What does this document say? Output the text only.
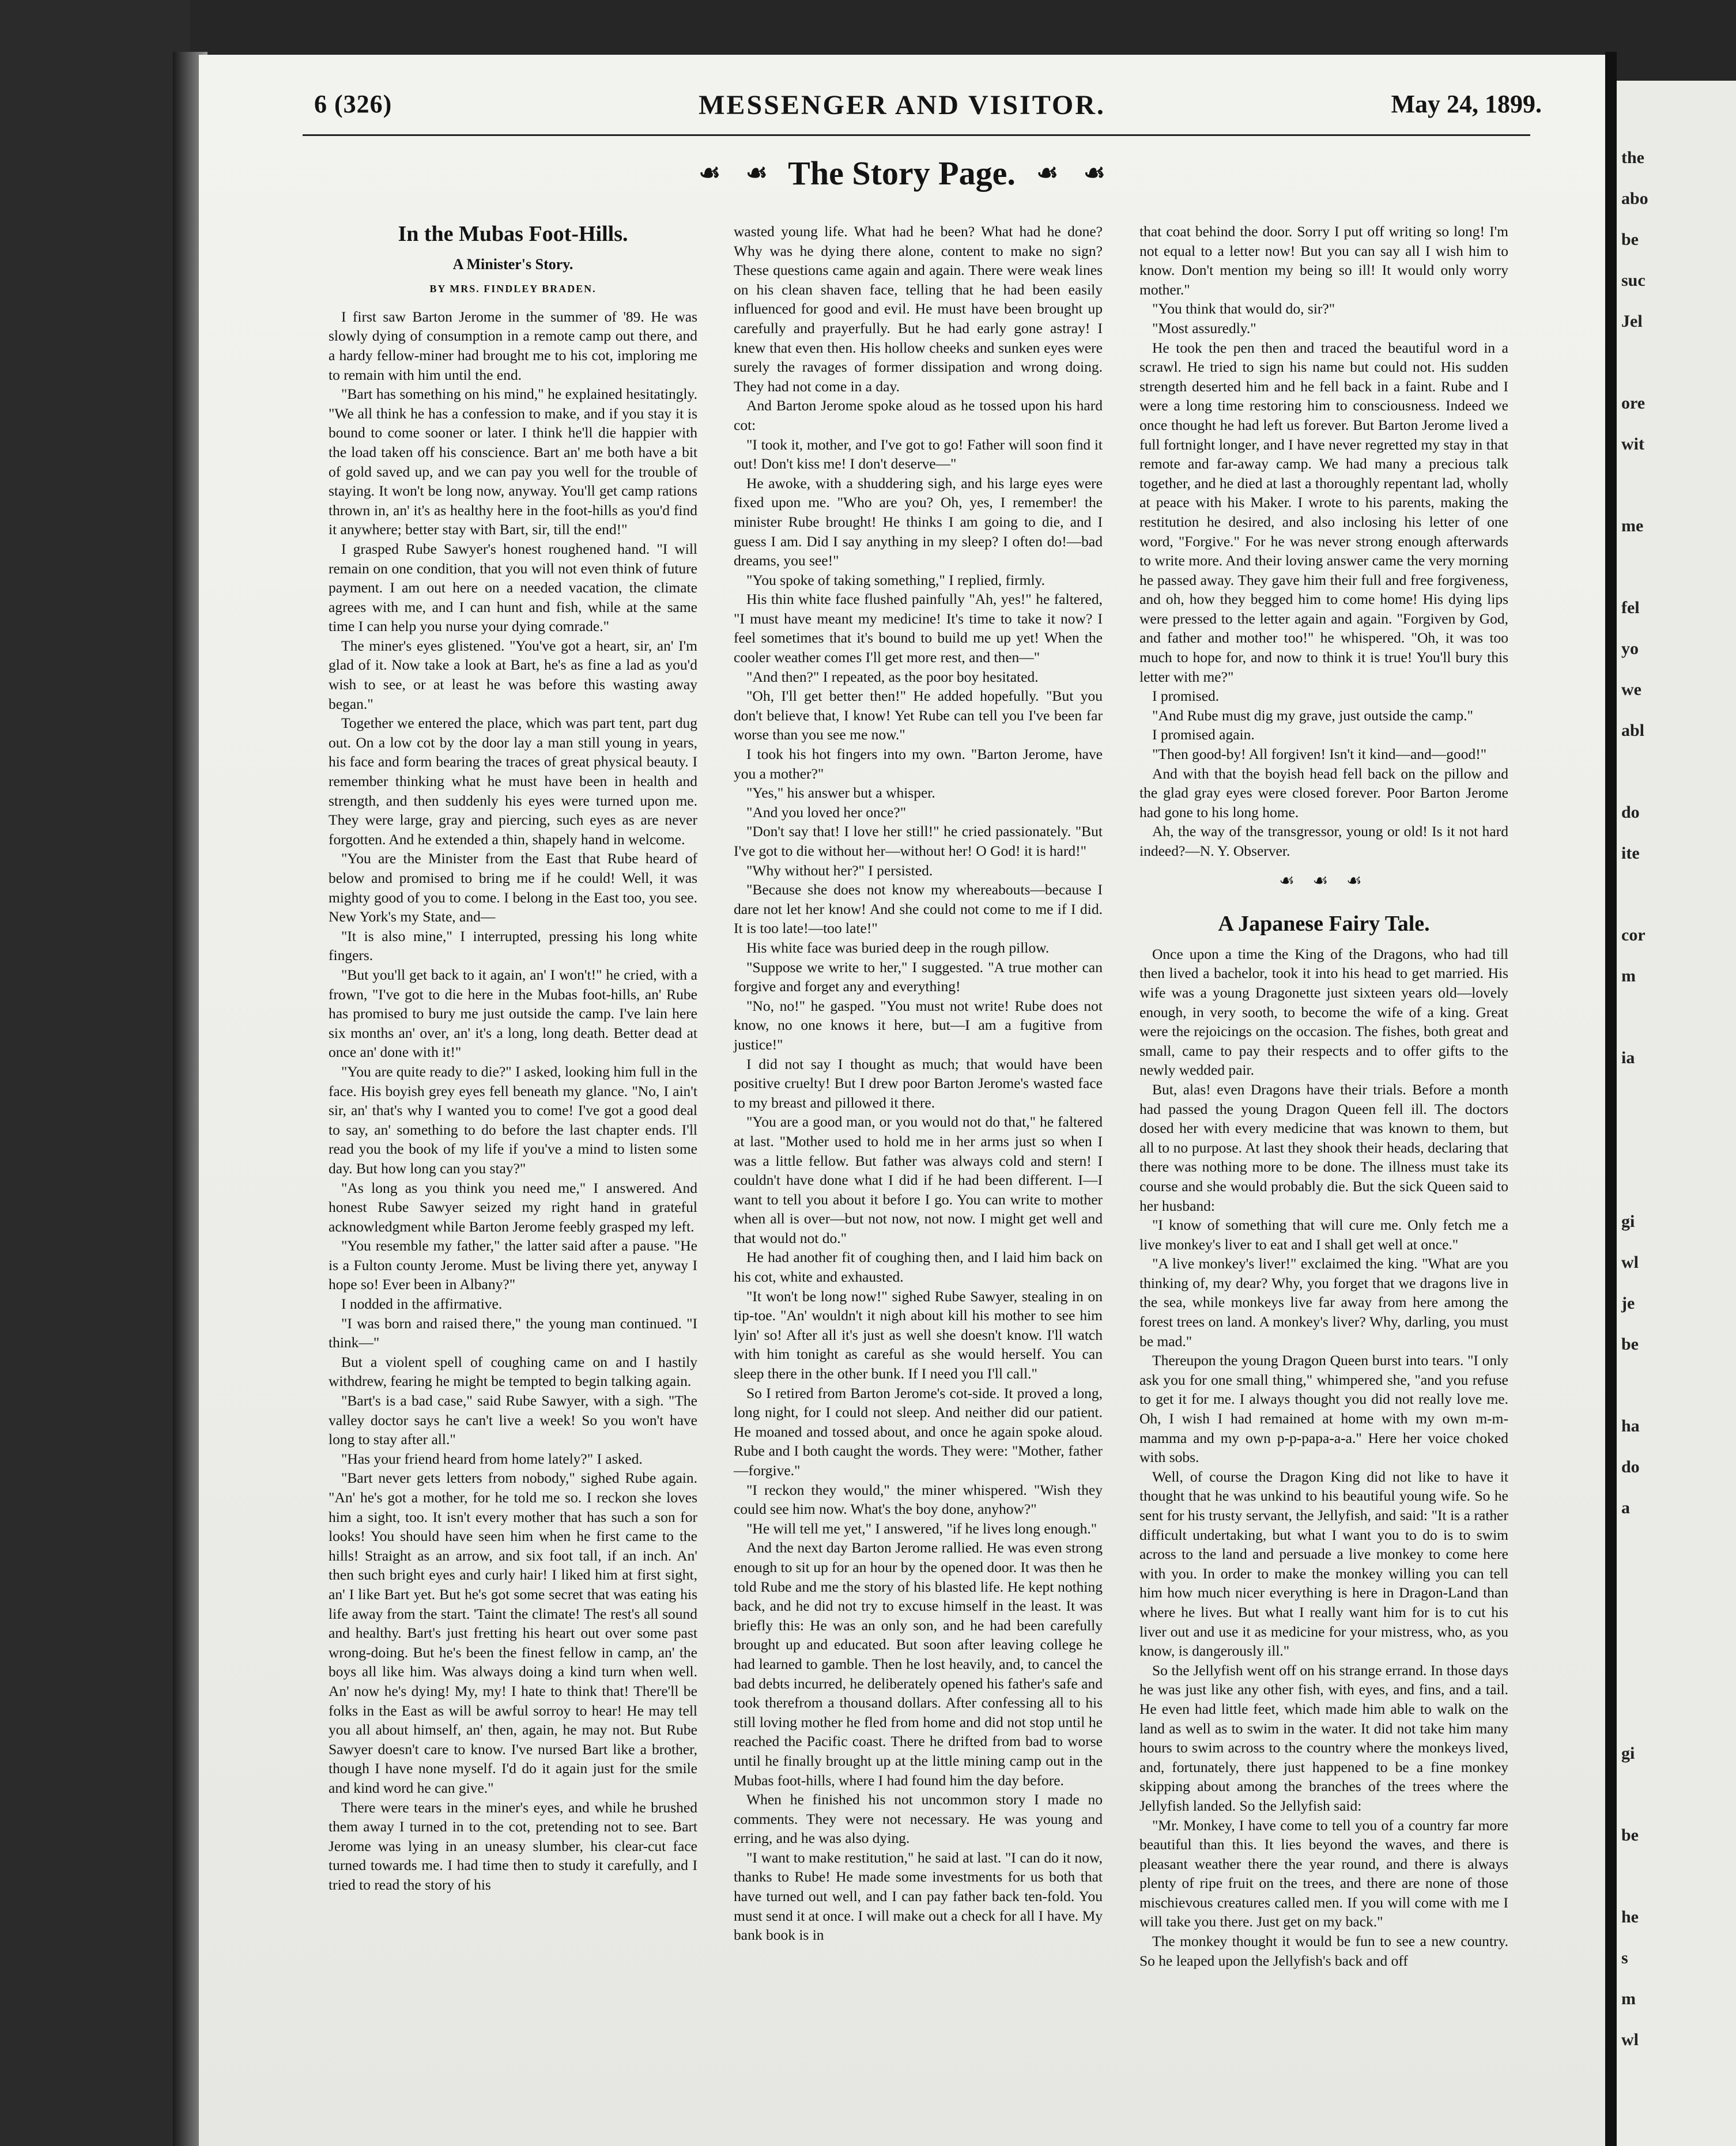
6 (326)	MESSENGER AND VISITOR.	May 24, 1899.
☙ ☙ The Story Page. ☙ ☙
In the Mubas Foot-Hills.
A Minister's Story.
BY MRS. FINDLEY BRADEN.

I first saw Barton Jerome in the summer of '89. He was slowly dying of consumption in a remote camp out there, and a hardy fellow-miner had brought me to his cot, imploring me to remain with him until the end.

"Bart has something on his mind," he explained hesitatingly. "We all think he has a confession to make, and if you stay it is bound to come sooner or later. I think he'll die happier with the load taken off his conscience. Bart an' me both have a bit of gold saved up, and we can pay you well for the trouble of staying. It won't be long now, anyway. You'll get camp rations thrown in, an' it's as healthy here in the foot-hills as you'd find it anywhere; better stay with Bart, sir, till the end!"

I grasped Rube Sawyer's honest roughened hand. "I will remain on one condition, that you will not even think of future payment. I am out here on a needed vacation, the climate agrees with me, and I can hunt and fish, while at the same time I can help you nurse your dying comrade."

The miner's eyes glistened. "You've got a heart, sir, an' I'm glad of it. Now take a look at Bart, he's as fine a lad as you'd wish to see, or at least he was before this wasting away began."

Together we entered the place, which was part tent, part dug out. On a low cot by the door lay a man still young in years, his face and form bearing the traces of great physical beauty. I remember thinking what he must have been in health and strength, and then suddenly his eyes were turned upon me. They were large, gray and piercing, such eyes as are never forgotten. And he extended a thin, shapely hand in welcome.

"You are the Minister from the East that Rube heard of below and promised to bring me if he could! Well, it was mighty good of you to come. I belong in the East too, you see. New York's my State, and—

"It is also mine," I interrupted, pressing his long white fingers.

"But you'll get back to it again, an' I won't!" he cried, with a frown, "I've got to die here in the Mubas foot-hills, an' Rube has promised to bury me just outside the camp. I've lain here six months an' over, an' it's a long, long death. Better dead at once an' done with it!"

"You are quite ready to die?" I asked, looking him full in the face. His boyish grey eyes fell beneath my glance. "No, I ain't sir, an' that's why I wanted you to come! I've got a good deal to say, an' something to do before the last chapter ends. I'll read you the book of my life if you've a mind to listen some day. But how long can you stay?"

"As long as you think you need me," I answered. And honest Rube Sawyer seized my right hand in grateful acknowledgment while Barton Jerome feebly grasped my left.

"You resemble my father," the latter said after a pause. "He is a Fulton county Jerome. Must be living there yet, anyway I hope so! Ever been in Albany?"

I nodded in the affirmative.

"I was born and raised there," the young man continued. "I think—"

But a violent spell of coughing came on and I hastily withdrew, fearing he might be tempted to begin talking again.

"Bart's is a bad case," said Rube Sawyer, with a sigh. "The valley doctor says he can't live a week! So you won't have long to stay after all."

"Has your friend heard from home lately?" I asked.

"Bart never gets letters from nobody," sighed Rube again. "An' he's got a mother, for he told me so. I reckon she loves him a sight, too. It isn't every mother that has such a son for looks! You should have seen him when he first came to the hills! Straight as an arrow, and six foot tall, if an inch. An' then such bright eyes and curly hair! I liked him at first sight, an' I like Bart yet. But he's got some secret that was eating his life away from the start. 'Taint the climate! The rest's all sound and healthy. Bart's just fretting his heart out over some past wrong-doing. But he's been the finest fellow in camp, an' the boys all like him. Was always doing a kind turn when well. An' now he's dying! My, my! I hate to think that! There'll be folks in the East as will be awful sorroy to hear! He may tell you all about himself, an' then, again, he may not. But Rube Sawyer doesn't care to know. I've nursed Bart like a brother, though I have none myself. I'd do it again just for the smile and kind word he can give."

There were tears in the miner's eyes, and while he brushed them away I turned in to the cot, pretending not to see. Bart Jerome was lying in an uneasy slumber, his clear-cut face turned towards me. I had time then to study it carefully, and I tried to read the story of his

wasted young life. What had he been? What had he done? Why was he dying there alone, content to make no sign? These questions came again and again. There were weak lines on his clean shaven face, telling that he had been easily influenced for good and evil. He must have been brought up carefully and prayerfully. But he had early gone astray! I knew that even then. His hollow cheeks and sunken eyes were surely the ravages of former dissipation and wrong doing. They had not come in a day.

And Barton Jerome spoke aloud as he tossed upon his hard cot:

"I took it, mother, and I've got to go! Father will soon find it out! Don't kiss me! I don't deserve—"

He awoke, with a shuddering sigh, and his large eyes were fixed upon me. "Who are you? Oh, yes, I remember! the minister Rube brought! He thinks I am going to die, and I guess I am. Did I say anything in my sleep? I often do!—bad dreams, you see!"

"You spoke of taking something," I replied, firmly.

His thin white face flushed painfully "Ah, yes!" he faltered, "I must have meant my medicine! It's time to take it now? I feel sometimes that it's bound to build me up yet! When the cooler weather comes I'll get more rest, and then—"

"And then?" I repeated, as the poor boy hesitated.

"Oh, I'll get better then!" He added hopefully. "But you don't believe that, I know! Yet Rube can tell you I've been far worse than you see me now."

I took his hot fingers into my own. "Barton Jerome, have you a mother?"

"Yes," his answer but a whisper.

"And you loved her once?"

"Don't say that! I love her still!" he cried passionately. "But I've got to die without her—without her! O God! it is hard!"

"Why without her?" I persisted.

"Because she does not know my whereabouts—because I dare not let her know! And she could not come to me if I did. It is too late!—too late!"

His white face was buried deep in the rough pillow.

"Suppose we write to her," I suggested. "A true mother can forgive and forget any and everything!

"No, no!" he gasped. "You must not write! Rube does not know, no one knows it here, but—I am a fugitive from justice!"

I did not say I thought as much; that would have been positive cruelty! But I drew poor Barton Jerome's wasted face to my breast and pillowed it there.

"You are a good man, or you would not do that," he faltered at last. "Mother used to hold me in her arms just so when I was a little fellow. But father was always cold and stern! I couldn't have done what I did if he had been different. I—I want to tell you about it before I go. You can write to mother when all is over—but not now, not now. I might get well and that would not do."

He had another fit of coughing then, and I laid him back on his cot, white and exhausted.

"It won't be long now!" sighed Rube Sawyer, stealing in on tip-toe. "An' wouldn't it nigh about kill his mother to see him lyin' so! After all it's just as well she doesn't know. I'll watch with him tonight as careful as she would herself. You can sleep there in the other bunk. If I need you I'll call."

So I retired from Barton Jerome's cot-side. It proved a long, long night, for I could not sleep. And neither did our patient. He moaned and tossed about, and once he again spoke aloud. Rube and I both caught the words. They were: "Mother, father—forgive."

"I reckon they would," the miner whispered. "Wish they could see him now. What's the boy done, anyhow?"

"He will tell me yet," I answered, "if he lives long enough."

And the next day Barton Jerome rallied. He was even strong enough to sit up for an hour by the opened door. It was then he told Rube and me the story of his blasted life. He kept nothing back, and he did not try to excuse himself in the least. It was briefly this: He was an only son, and he had been carefully brought up and educated. But soon after leaving college he had learned to gamble. Then he lost heavily, and, to cancel the bad debts incurred, he deliberately opened his father's safe and took therefrom a thousand dollars. After confessing all to his still loving mother he fled from home and did not stop until he reached the Pacific coast. There he drifted from bad to worse until he finally brought up at the little mining camp out in the Mubas foot-hills, where I had found him the day before.

When he finished his not uncommon story I made no comments. They were not necessary. He was young and erring, and he was also dying.

"I want to make restitution," he said at last. "I can do it now, thanks to Rube! He made some investments for us both that have turned out well, and I can pay father back ten-fold. You must send it at once. I will make out a check for all I have. My bank book is in

that coat behind the door. Sorry I put off writing so long! I'm not equal to a letter now! But you can say all I wish him to know. Don't mention my being so ill! It would only worry mother."

"You think that would do, sir?"

"Most assuredly."

He took the pen then and traced the beautiful word in a scrawl. He tried to sign his name but could not. His sudden strength deserted him and he fell back in a faint. Rube and I were a long time restoring him to consciousness. Indeed we once thought he had left us forever. But Barton Jerome lived a full fortnight longer, and I have never regretted my stay in that remote and far-away camp. We had many a precious talk together, and he died at last a thoroughly repentant lad, wholly at peace with his Maker. I wrote to his parents, making the restitution he desired, and also inclosing his letter of one word, "Forgive." For he was never strong enough afterwards to write more. And their loving answer came the very morning he passed away. They gave him their full and free forgiveness, and oh, how they begged him to come home! His dying lips were pressed to the letter again and again. "Forgiven by God, and father and mother too!" he whispered. "Oh, it was too much to hope for, and now to think it is true! You'll bury this letter with me?"

I promised.

"And Rube must dig my grave, just outside the camp."

I promised again.

"Then good-by! All forgiven! Isn't it kind—and—good!"

And with that the boyish head fell back on the pillow and the glad gray eyes were closed forever. Poor Barton Jerome had gone to his long home.

Ah, the way of the transgressor, young or old! Is it not hard indeed?—N. Y. Observer.

☙ ☙ ☙
A Japanese Fairy Tale.

Once upon a time the King of the Dragons, who had till then lived a bachelor, took it into his head to get married. His wife was a young Dragonette just sixteen years old—lovely enough, in very sooth, to become the wife of a king. Great were the rejoicings on the occasion. The fishes, both great and small, came to pay their respects and to offer gifts to the newly wedded pair.

But, alas! even Dragons have their trials. Before a month had passed the young Dragon Queen fell ill. The doctors dosed her with every medicine that was known to them, but all to no purpose. At last they shook their heads, declaring that there was nothing more to be done. The illness must take its course and she would probably die. But the sick Queen said to her husband:

"I know of something that will cure me. Only fetch me a live monkey's liver to eat and I shall get well at once."

"A live monkey's liver!" exclaimed the king. "What are you thinking of, my dear? Why, you forget that we dragons live in the sea, while monkeys live far away from here among the forest trees on land. A monkey's liver? Why, darling, you must be mad."

Thereupon the young Dragon Queen burst into tears. "I only ask you for one small thing," whimpered she, "and you refuse to get it for me. I always thought you did not really love me. Oh, I wish I had remained at home with my own m-m-mamma and my own p-p-papa-a-a." Here her voice choked with sobs.

Well, of course the Dragon King did not like to have it thought that he was unkind to his beautiful young wife. So he sent for his trusty servant, the Jellyfish, and said: "It is a rather difficult undertaking, but what I want you to do is to swim across to the land and persuade a live monkey to come here with you. In order to make the monkey willing you can tell him how much nicer everything is here in Dragon-Land than where he lives. But what I really want him for is to cut his liver out and use it as medicine for your mistress, who, as you know, is dangerously ill."

So the Jellyfish went off on his strange errand. In those days he was just like any other fish, with eyes, and fins, and a tail. He even had little feet, which made him able to walk on the land as well as to swim in the water. It did not take him many hours to swim across to the country where the monkeys lived, and, fortunately, there just happened to be a fine monkey skipping about among the branches of the trees where the Jellyfish landed. So the Jellyfish said:

"Mr. Monkey, I have come to tell you of a country far more beautiful than this. It lies beyond the waves, and there is pleasant weather there the year round, and there is always plenty of ripe fruit on the trees, and there are none of those mischievous creatures called men. If you will come with me I will take you there. Just get on my back."

The monkey thought it would be fun to see a new country. So he leaped upon the Jellyfish's back and off

the
abo
be
suc
Jel
ore
wit
me
fel
yo
we
abl
do
ite
cor
m
ia
gi
wl
je
be
ha
do
a
gi
be
he
s
m
wl
